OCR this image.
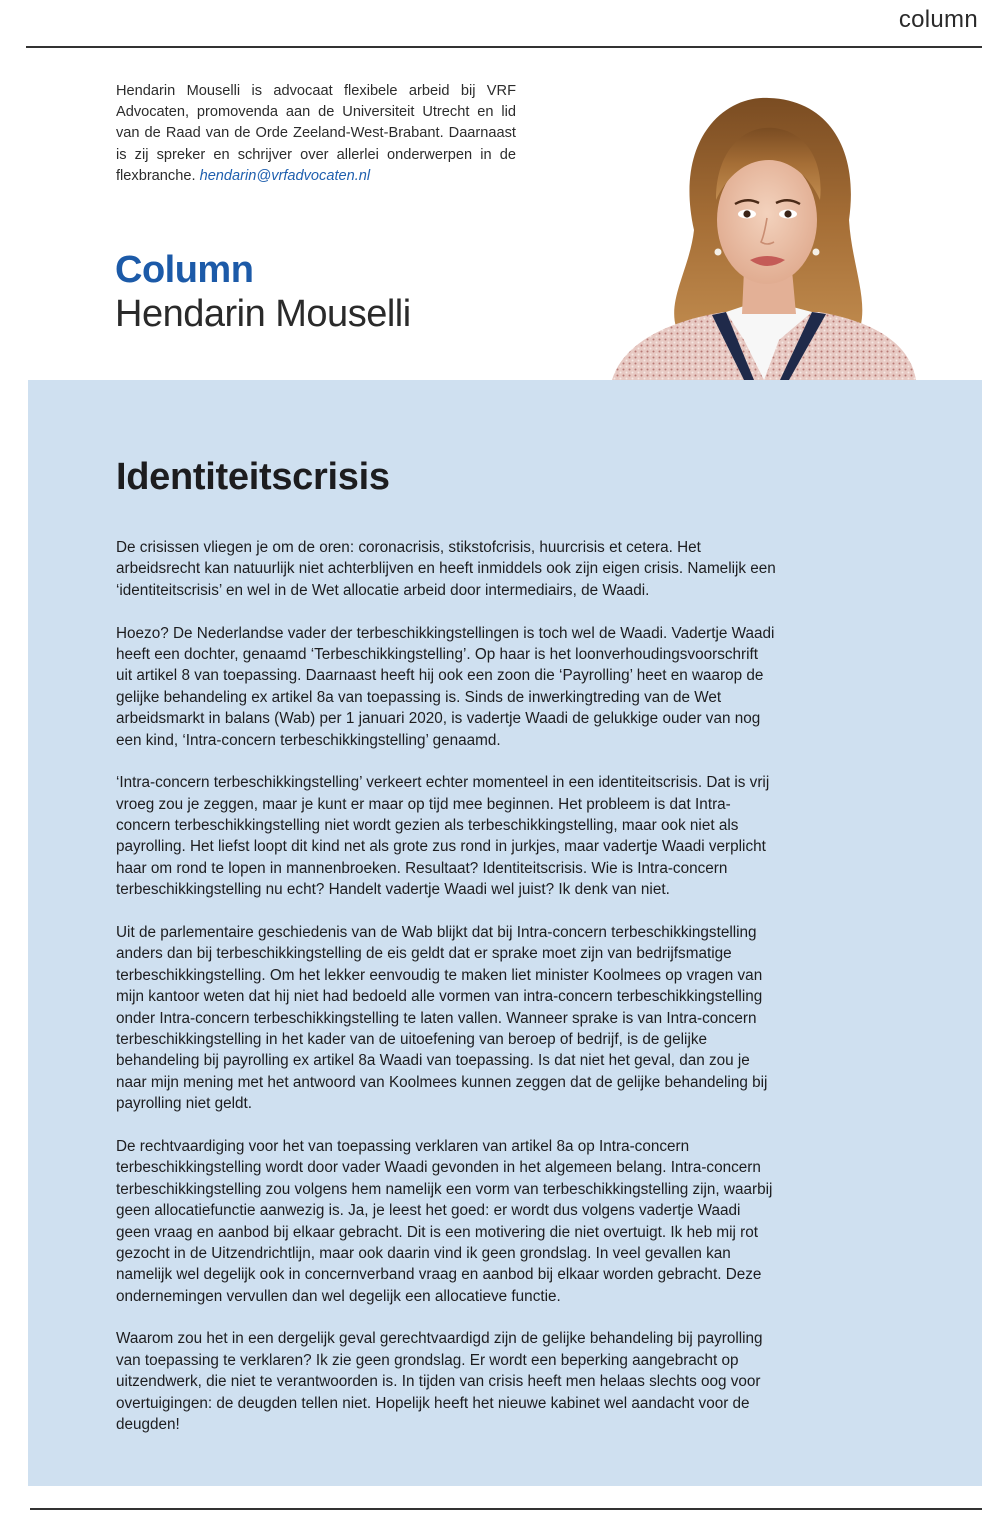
column
Hendarin Mouselli is advocaat flexibele arbeid bij VRF Advocaten, promovenda aan de Universiteit Utrecht en lid van de Raad van de Orde Zeeland-West-Brabant. Daarnaast is zij spreker en schrijver over allerlei onderwerpen in de flexbranche. hendarin@vrfadvocaten.nl
Column
Hendarin Mouselli
Identiteitscrisis

De crisissen vliegen je om de oren: coronacrisis, stikstofcrisis, huurcrisis et cetera. Het arbeidsrecht kan natuurlijk niet achterblijven en heeft inmiddels ook zijn eigen crisis. Namelijk een ‘identiteitscrisis’ en wel in de Wet allocatie arbeid door intermediairs, de Waadi.

Hoezo? De Nederlandse vader der terbeschikkingstellingen is toch wel de Waadi. Vadertje Waadi heeft een dochter, genaamd ‘Terbeschikkingstelling’. Op haar is het loonverhoudingsvoorschrift uit artikel 8 van toepassing. Daarnaast heeft hij ook een zoon die ‘Payrolling’ heet en waarop de gelijke behandeling ex artikel 8a van toepassing is. Sinds de inwerkingtreding van de Wet arbeidsmarkt in balans (Wab) per 1 januari 2020, is vadertje Waadi de gelukkige ouder van nog een kind, ‘Intra-concern terbeschikkingstelling’ genaamd.

‘Intra-concern terbeschikkingstelling’ verkeert echter momenteel in een identiteitscrisis. Dat is vrij vroeg zou je zeggen, maar je kunt er maar op tijd mee beginnen. Het probleem is dat Intra-concern terbeschikkingstelling niet wordt gezien als terbeschikkingstelling, maar ook niet als payrolling. Het liefst loopt dit kind net als grote zus rond in jurkjes, maar vadertje Waadi verplicht haar om rond te lopen in mannenbroeken. Resultaat? Identiteitscrisis. Wie is Intra-concern terbeschikkingstelling nu echt? Handelt vadertje Waadi wel juist? Ik denk van niet.

Uit de parlementaire geschiedenis van de Wab blijkt dat bij Intra-concern terbeschikkingstelling anders dan bij terbeschikkingstelling de eis geldt dat er sprake moet zijn van bedrijfsmatige terbeschikkingstelling. Om het lekker eenvoudig te maken liet minister Koolmees op vragen van mijn kantoor weten dat hij niet had bedoeld alle vormen van intra-concern terbeschikkingstelling onder Intra-concern terbeschikkingstelling te laten vallen. Wanneer sprake is van Intra-concern terbeschikkingstelling in het kader van de uitoefening van beroep of bedrijf, is de gelijke behandeling bij payrolling ex artikel 8a Waadi van toepassing. Is dat niet het geval, dan zou je naar mijn mening met het antwoord van Koolmees kunnen zeggen dat de gelijke behandeling bij payrolling niet geldt.

De rechtvaardiging voor het van toepassing verklaren van artikel 8a op Intra-concern terbeschikkingstelling wordt door vader Waadi gevonden in het algemeen belang. Intra-concern terbeschikkingstelling zou volgens hem namelijk een vorm van terbeschikkingstelling zijn, waarbij geen allocatiefunctie aanwezig is. Ja, je leest het goed: er wordt dus volgens vadertje Waadi geen vraag en aanbod bij elkaar gebracht. Dit is een motivering die niet overtuigt. Ik heb mij rot gezocht in de Uitzendrichtlijn, maar ook daarin vind ik geen grondslag. In veel gevallen kan namelijk wel degelijk ook in concernverband vraag en aanbod bij elkaar worden gebracht. Deze ondernemingen vervullen dan wel degelijk een allocatieve functie.

Waarom zou het in een dergelijk geval gerechtvaardigd zijn de gelijke behandeling bij payrolling van toepassing te verklaren? Ik zie geen grondslag. Er wordt een beperking aangebracht op uitzendwerk, die niet te verantwoorden is. In tijden van crisis heeft men helaas slechts oog voor overtuigingen: de deugden tellen niet. Hopelijk heeft het nieuwe kabinet wel aandacht voor de deugden!
